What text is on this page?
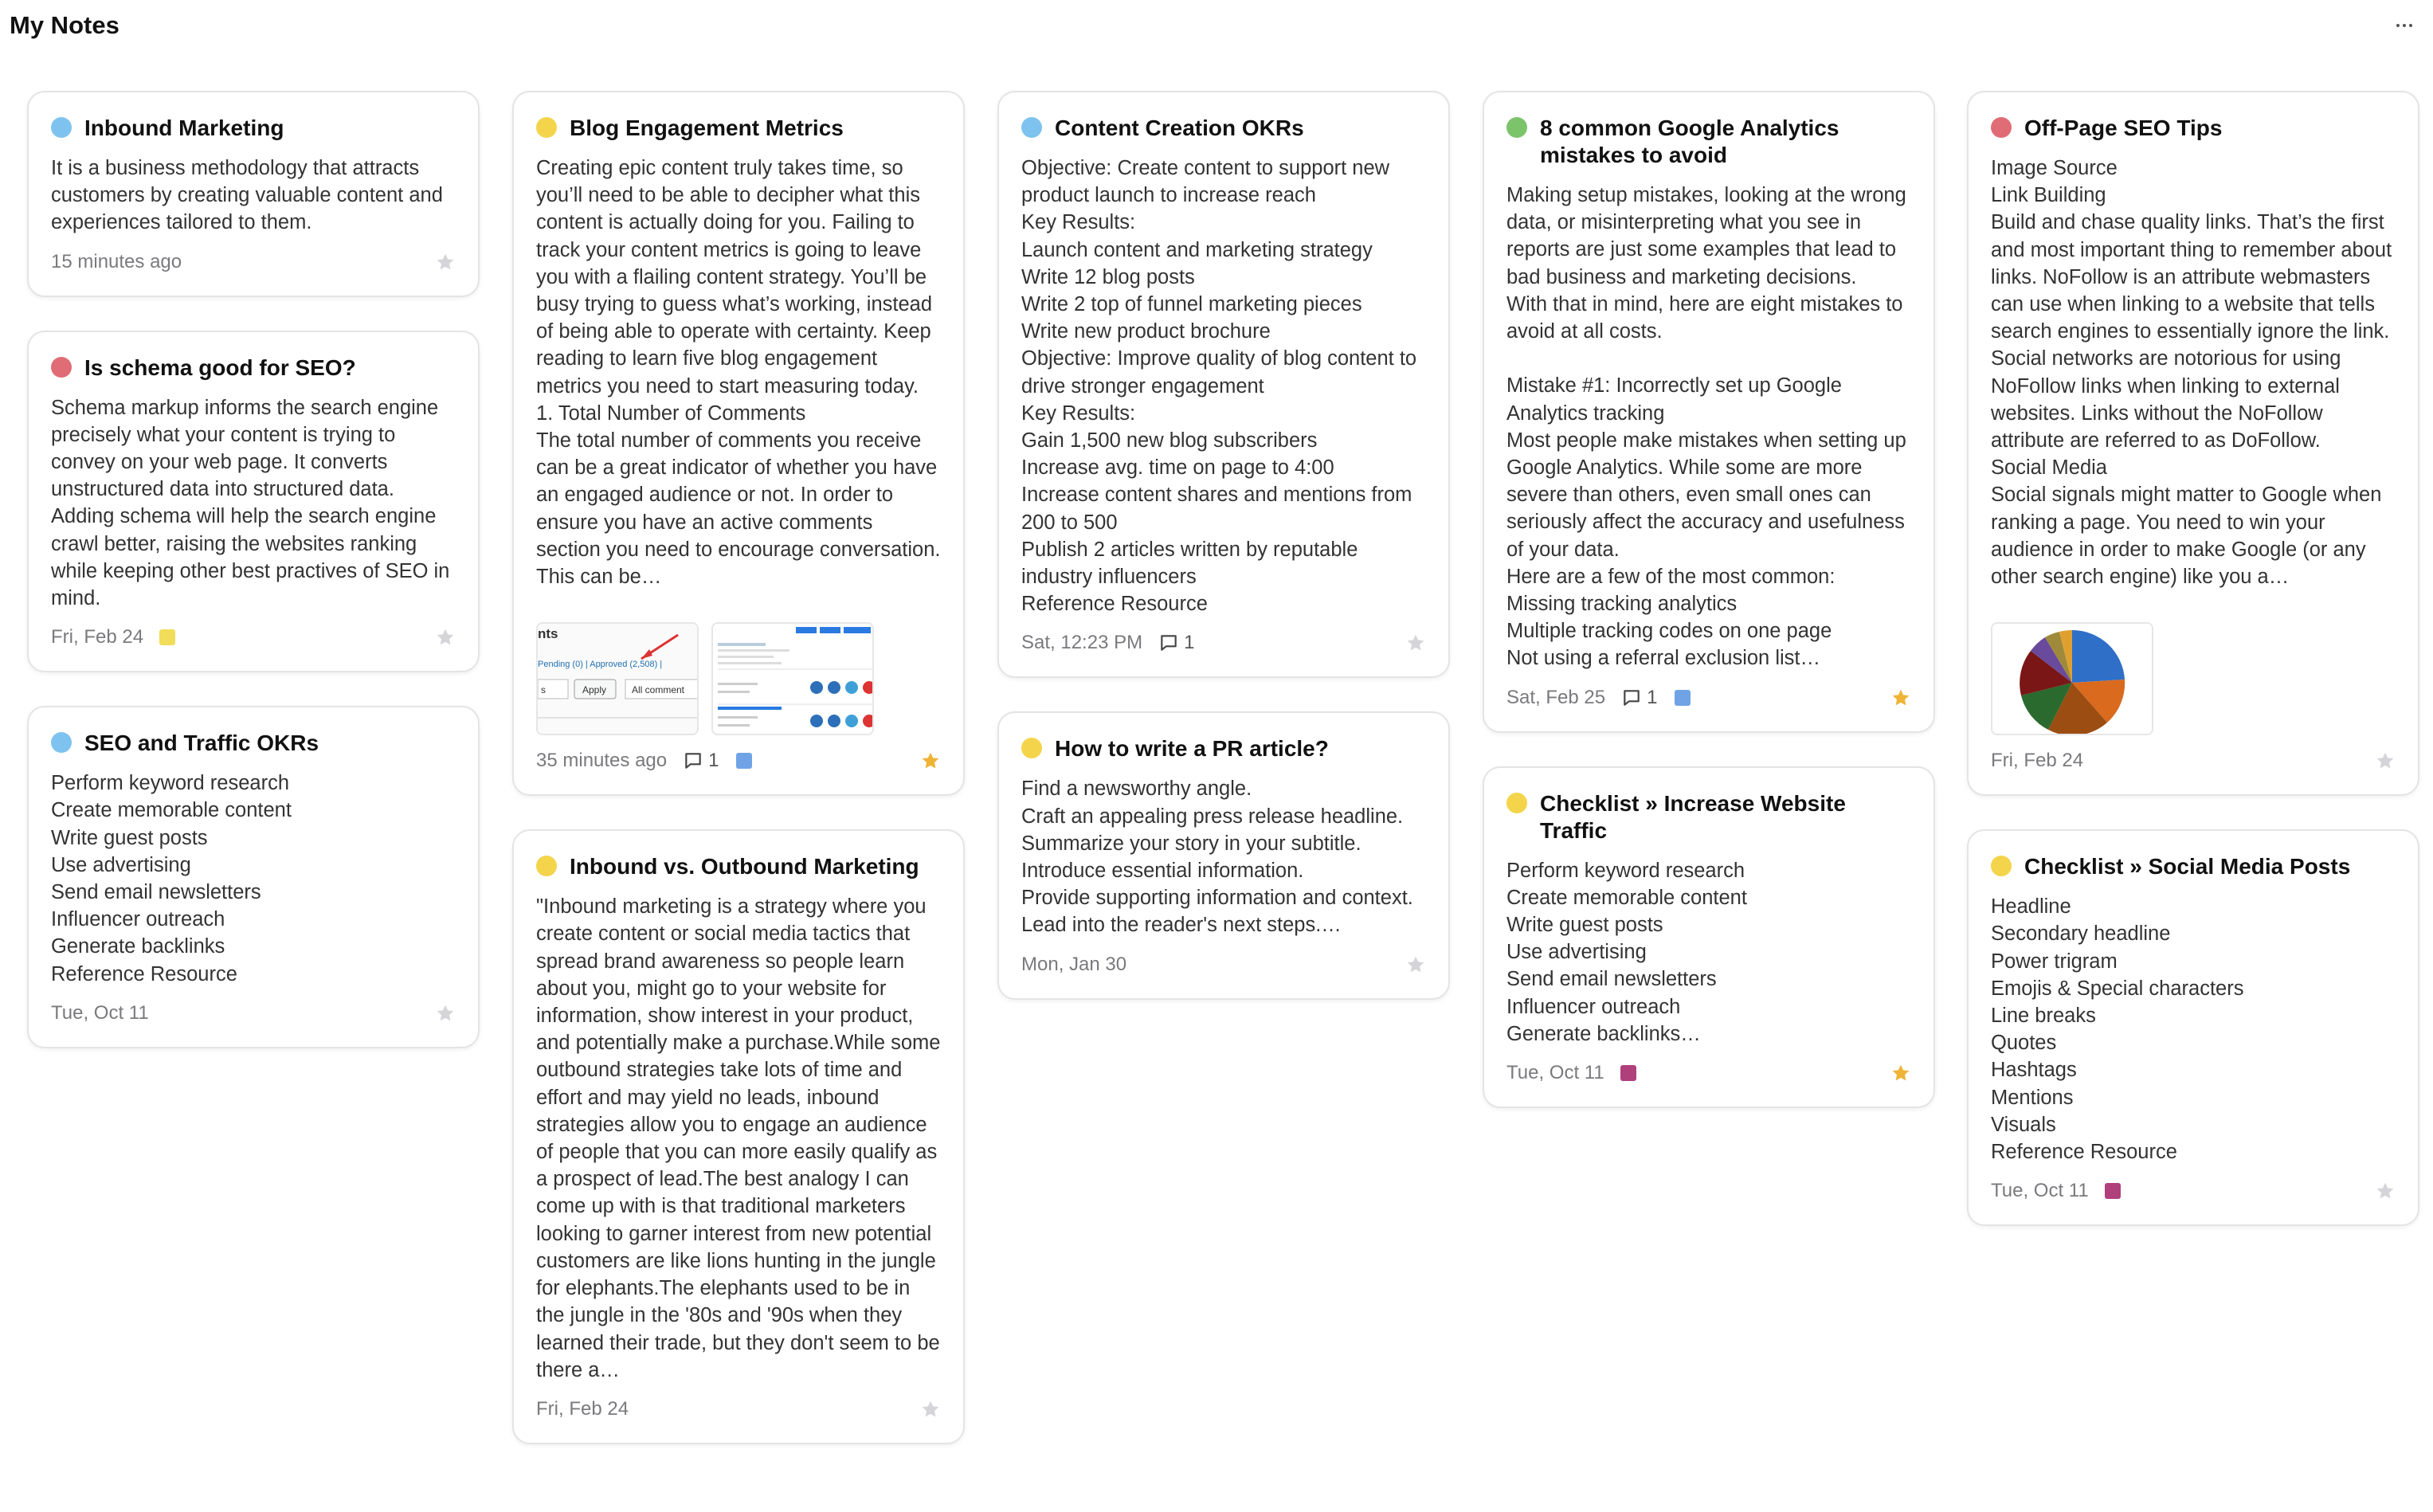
My Notes
Inbound Marketing
It is a business methodology that attracts customers by creating valuable content and experiences tailored to them.
15 minutes ago
Is schema good for SEO?
Schema markup informs the search engine precisely what your content is trying to convey on your web page. It converts unstructured data into structured data. Adding schema will help the search engine crawl better, raising the websites ranking while keeping other best practives of SEO in mind.
Fri, Feb 24
SEO and Traffic OKRs
Perform keyword research
Create memorable content
Write guest posts
Use advertising
Send email newsletters
Influencer outreach
Generate backlinks
Reference Resource
Tue, Oct 11
Blog Engagement Metrics
Creating epic content truly takes time, so you’ll need to be able to decipher what this content is actually doing for you. Failing to track your content metrics is going to leave you with a flailing content strategy. You’ll be busy trying to guess what’s working, instead of being able to operate with certainty. Keep reading to learn five blog engagement metrics you need to start measuring today.
1. Total Number of Comments
The total number of comments you receive can be a great indicator of whether you have an engaged audience or not. In order to ensure you have an active comments section you need to encourage conversation. This can be…
nts
Pending (0) | Approved (2,508) |
s	Apply	All comment
35 minutes ago 1
Inbound vs. Outbound Marketing
"Inbound marketing is a strategy where you create content or social media tactics that spread brand awareness so people learn about you, might go to your website for information, show interest in your product, and potentially make a purchase.While some outbound strategies take lots of time and effort and may yield no leads, inbound strategies allow you to engage an audience of people that you can more easily qualify as a prospect of lead.The best analogy I can come up with is that traditional marketers looking to garner interest from new potential customers are like lions hunting in the jungle for elephants.The elephants used to be in the jungle in the '80s and '90s when they learned their trade, but they don't seem to be there a…
Fri, Feb 24
Content Creation OKRs
Objective: Create content to support new product launch to increase reach
Key Results:
Launch content and marketing strategy
Write 12 blog posts
Write 2 top of funnel marketing pieces
Write new product brochure
Objective: Improve quality of blog content to drive stronger engagement
Key Results:
Gain 1,500 new blog subscribers
Increase avg. time on page to 4:00
Increase content shares and mentions from 200 to 500
Publish 2 articles written by reputable industry influencers
Reference Resource
Sat, 12:23 PM 1
How to write a PR article?
Find a newsworthy angle.
Craft an appealing press release headline.
Summarize your story in your subtitle.
Introduce essential information.
Provide supporting information and context.
Lead into the reader's next steps.…
Mon, Jan 30
8 common Google Analytics mistakes to avoid
Making setup mistakes, looking at the wrong data, or misinterpreting what you see in reports are just some examples that lead to bad business and marketing decisions.
With that in mind, here are eight mistakes to avoid at all costs.

Mistake #1: Incorrectly set up Google Analytics tracking
Most people make mistakes when setting up Google Analytics. While some are more severe than others, even small ones can seriously affect the accuracy and usefulness of your data.
Here are a few of the most common:
Missing tracking analytics
Multiple tracking codes on one page
Not using a referral exclusion list…
Sat, Feb 25 1
Checklist » Increase Website Traffic
Perform keyword research
Create memorable content
Write guest posts
Use advertising
Send email newsletters
Influencer outreach
Generate backlinks…
Tue, Oct 11
Off-Page SEO Tips
Image Source
Link Building
Build and chase quality links. That’s the first and most important thing to remember about links. NoFollow is an attribute webmasters can use when linking to a website that tells search engines to essentially ignore the link. Social networks are notorious for using NoFollow links when linking to external websites. Links without the NoFollow attribute are referred to as DoFollow.
Social Media
Social signals might matter to Google when ranking a page. You need to win your audience in order to make Google (or any other search engine) like you a…
Fri, Feb 24
Checklist » Social Media Posts
Headline
Secondary headline
Power trigram
Emojis & Special characters
Line breaks
Quotes
Hashtags
Mentions
Visuals
Reference Resource
Tue, Oct 11
